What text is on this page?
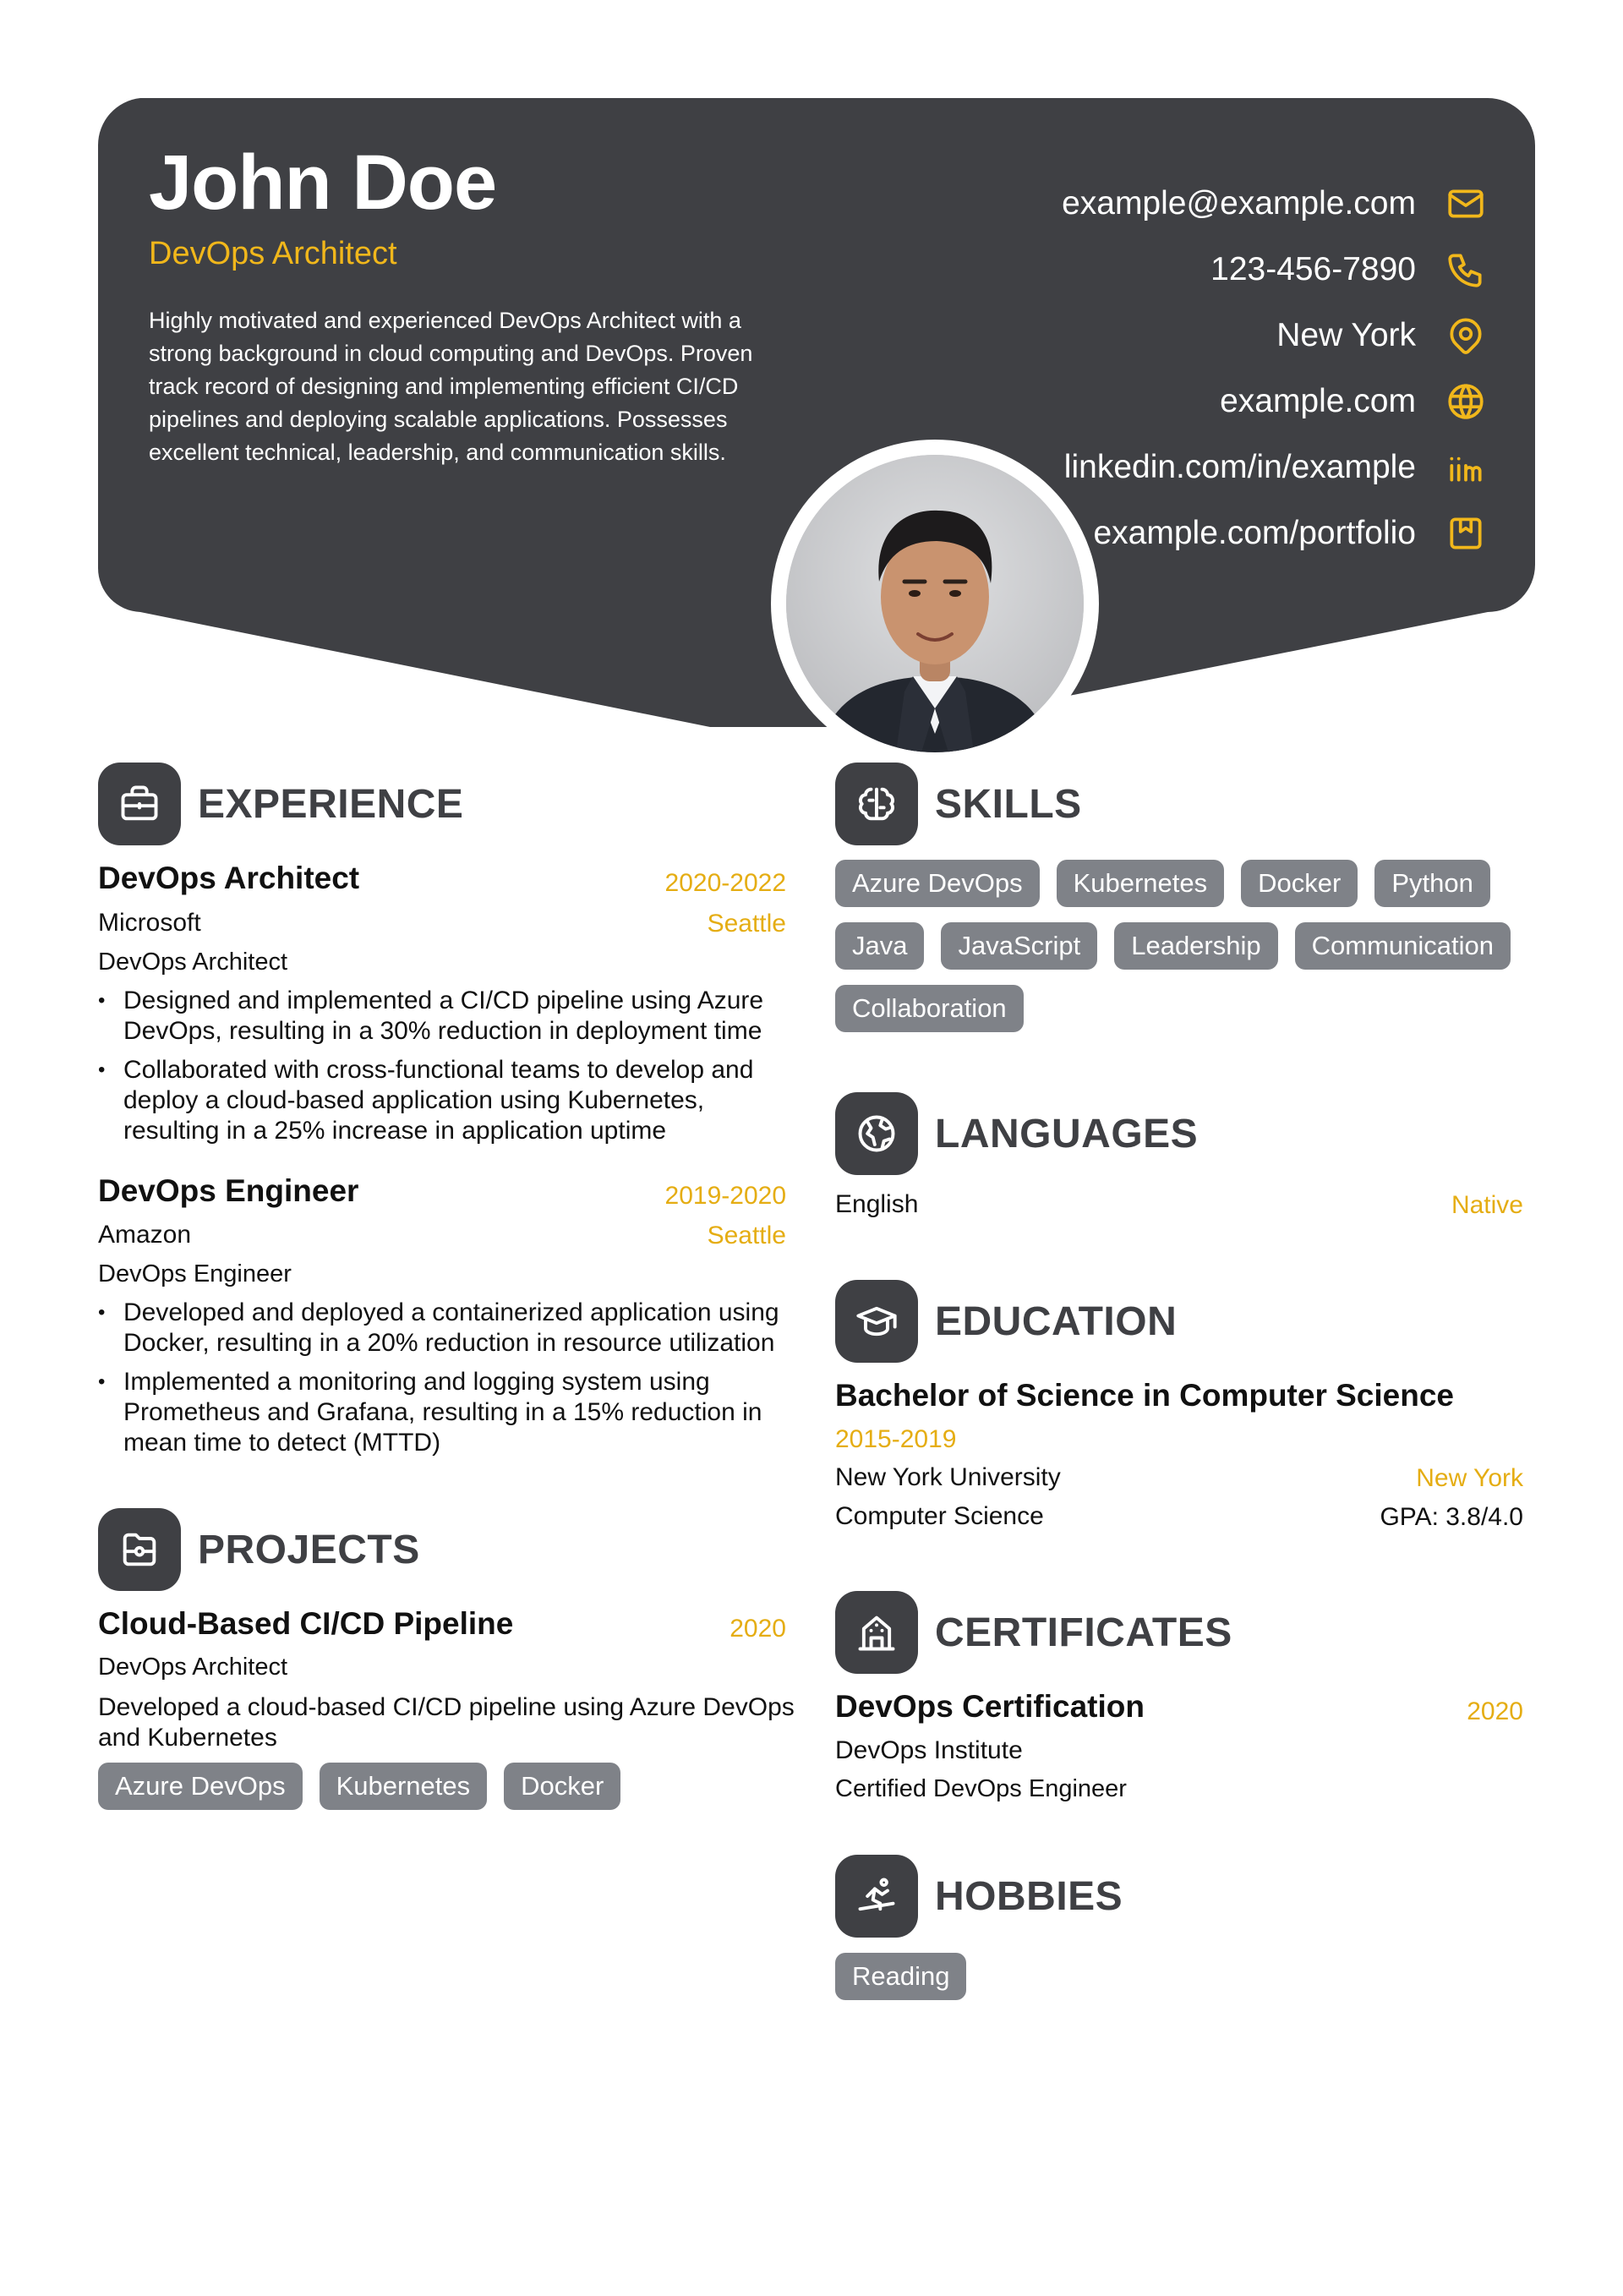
John Doe
DevOps Architect
Highly motivated and experienced DevOps Architect with a strong background in cloud computing and DevOps. Proven track record of designing and implementing efficient CI/CD pipelines and deploying scalable applications. Possesses excellent technical, leadership, and communication skills.
example@example.com
123-456-7890
New York
example.com
linkedin.com/in/example
example.com/portfolio
EXPERIENCE
DevOps Architect	2020-2022
Microsoft	Seattle
DevOps Architect
• Designed and implemented a CI/CD pipeline using Azure DevOps, resulting in a 30% reduction in deployment time
• Collaborated with cross-functional teams to develop and deploy a cloud-based application using Kubernetes, resulting in a 25% increase in application uptime
DevOps Engineer	2019-2020
Amazon	Seattle
DevOps Engineer
• Developed and deployed a containerized application using Docker, resulting in a 20% reduction in resource utilization
• Implemented a monitoring and logging system using Prometheus and Grafana, resulting in a 15% reduction in mean time to detect (MTTD)
PROJECTS
Cloud-Based CI/CD Pipeline	2020
DevOps Architect
Developed a cloud-based CI/CD pipeline using Azure DevOps and Kubernetes
Azure DevOps	Kubernetes	Docker
SKILLS
Azure DevOps	Kubernetes	Docker	Python
Java	JavaScript	Leadership	Communication
Collaboration
LANGUAGES
English	Native
EDUCATION
Bachelor of Science in Computer Science
2015-2019
New York University	New York
Computer Science	GPA: 3.8/4.0
CERTIFICATES
DevOps Certification	2020
DevOps Institute
Certified DevOps Engineer
HOBBIES
Reading
